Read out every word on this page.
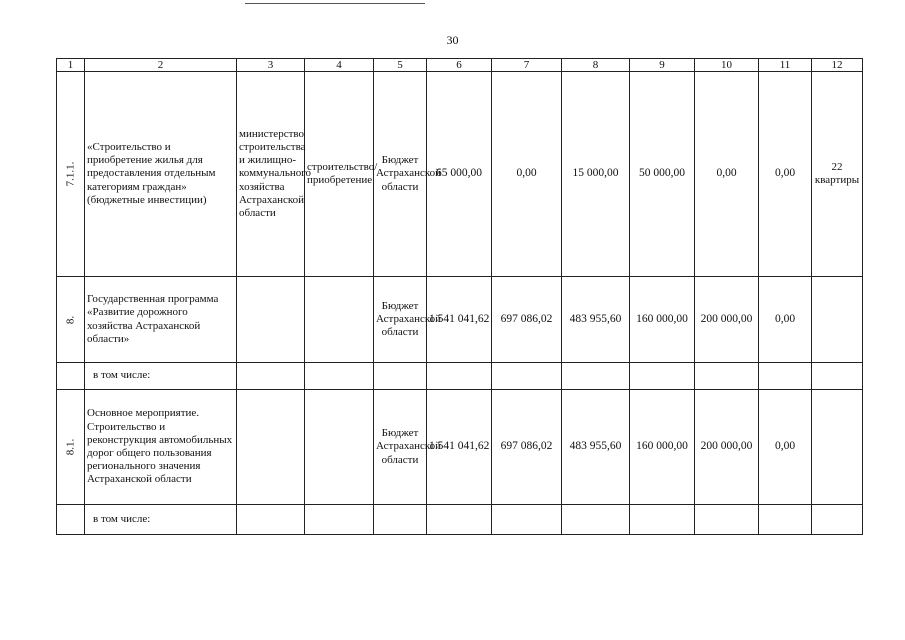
30
1	2	3	4	5	6	7	8	9	10	11	12

7.1.1.	«Строительство и приобретение жилья для предоставления отдельным категориям граждан» (бюджетные инвестиции)	министерство строительства и жилищно-коммунального хозяйства Астраханской области	строительство/ приобретение	Бюджет Астраханской области	65 000,00	0,00	15 000,00	50 000,00	0,00	0,00	22 квартиры

8.	Государственная программа «Развитие дорожного хозяйства Астраханской области»			Бюджет Астраханской области	1 541 041,62	697 086,02	483 955,60	160 000,00	200 000,00	0,00	
	в том числе:										

8.1.	Основное мероприятие. Строительство и реконструкция автомобильных дорог общего пользования регионального значения Астраханской области			Бюджет Астраханской области	1 541 041,62	697 086,02	483 955,60	160 000,00	200 000,00	0,00	
	в том числе:										
